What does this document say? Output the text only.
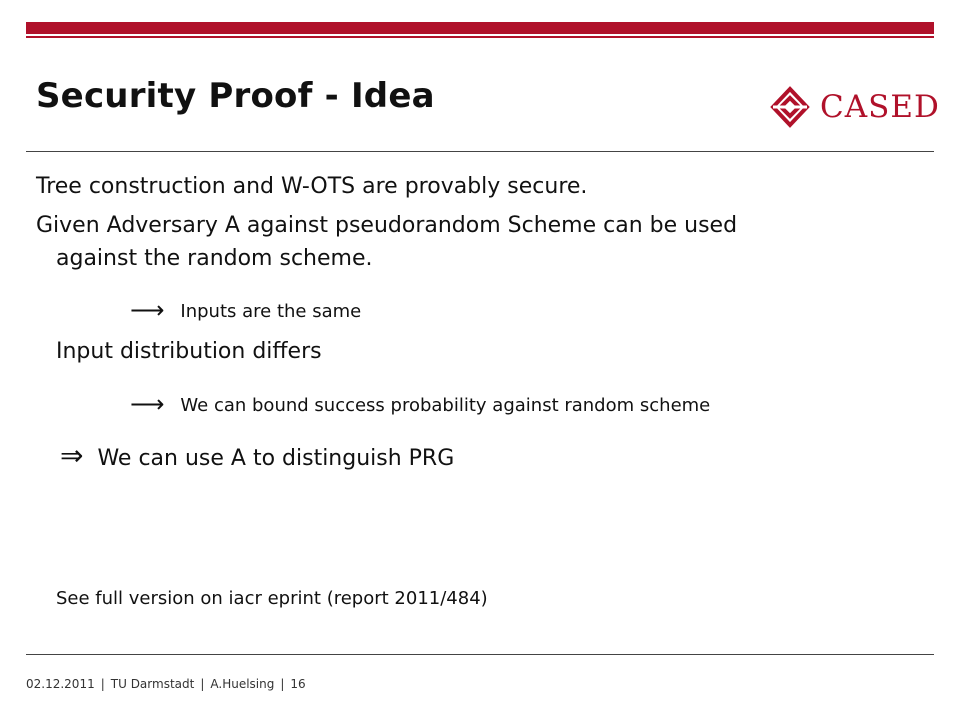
Security Proof - Idea	CASED

Tree construction and W-OTS are provably secure.

Given Adversary A against pseudorandom Scheme can be used

against the random scheme.

⟶ Inputs are the same

Input distribution differs

⟶ We can bound success probability against random scheme

⇒ We can use A to distinguish PRG

See full version on iacr eprint (report 2011/484)

02.12.2011 | TU Darmstadt | A.Huelsing | 16
